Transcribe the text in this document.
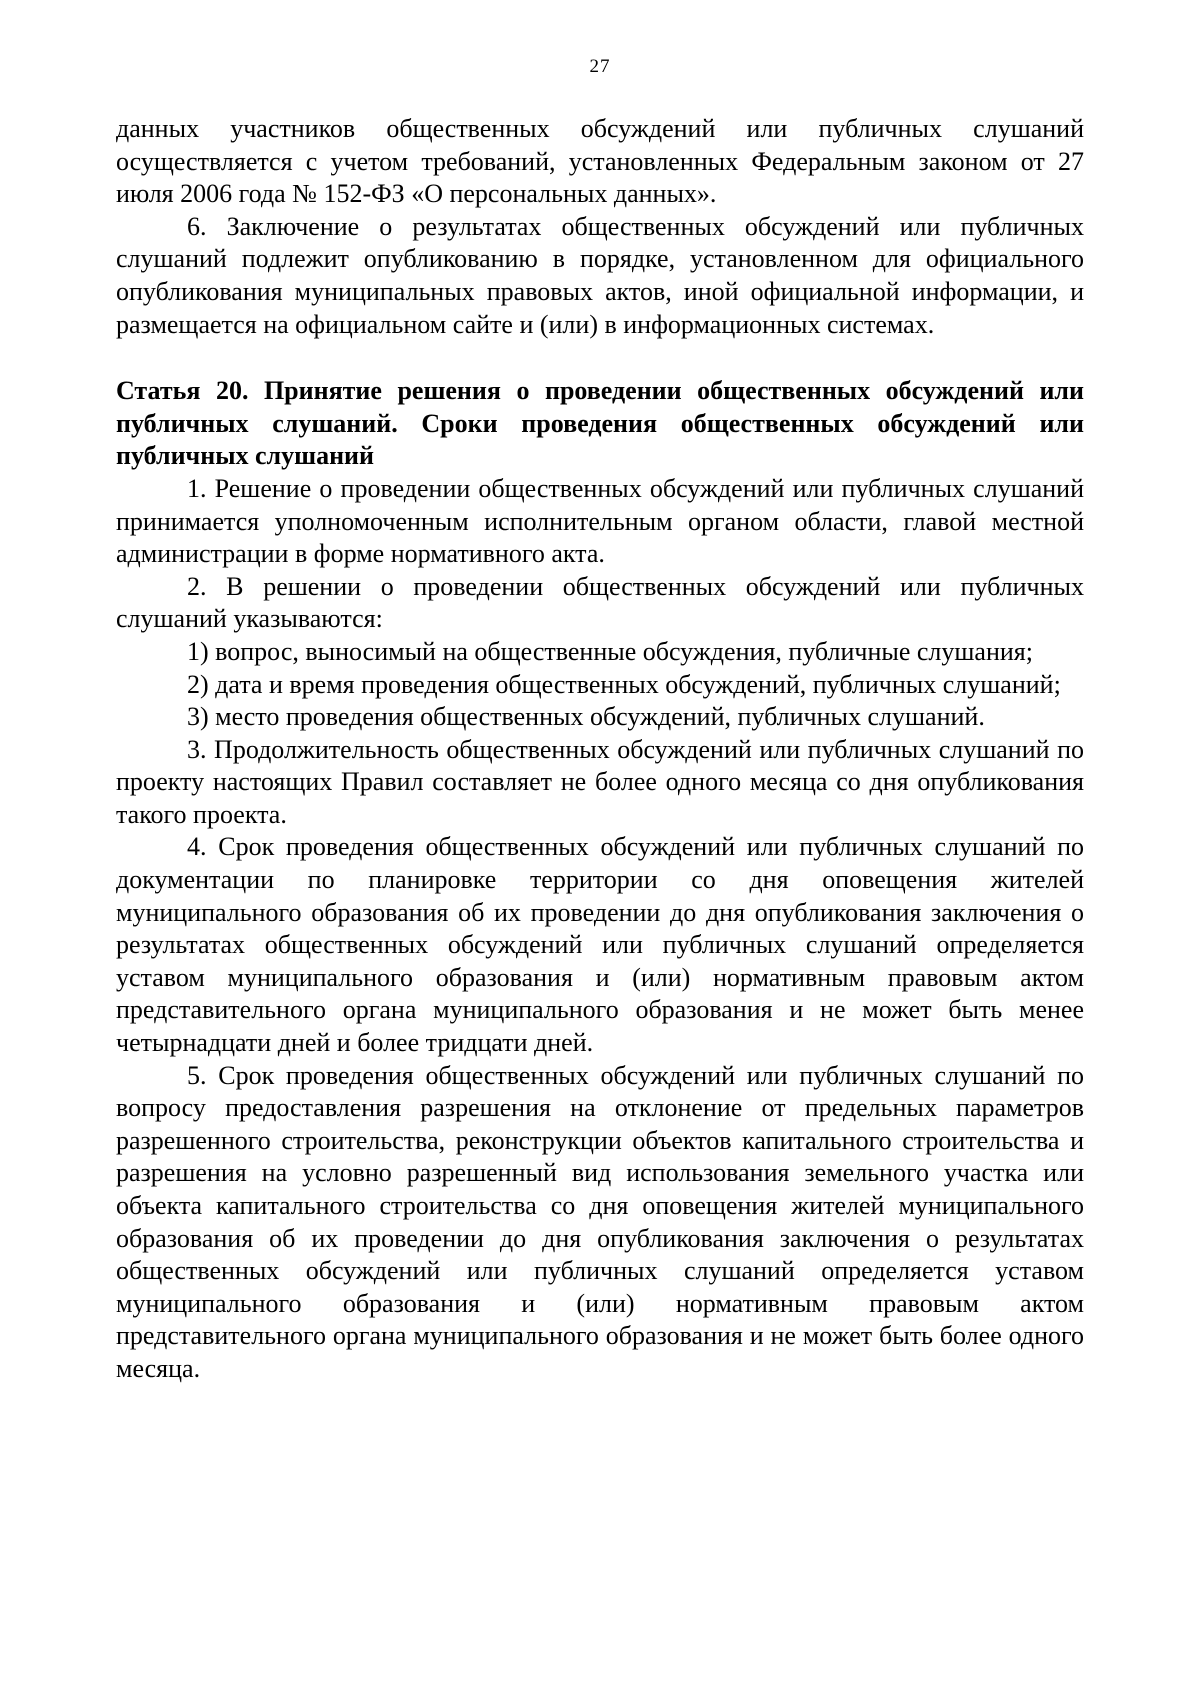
27

данных участников общественных обсуждений или публичных слушаний осуществляется с учетом требований, установленных Федеральным законом от 27 июля 2006 года № 152-ФЗ «О персональных данных».

6. Заключение о результатах общественных обсуждений или публичных слушаний подлежит опубликованию в порядке, установленном для официального опубликования муниципальных правовых актов, иной официальной информации, и размещается на официальном сайте и (или) в информационных системах.

Статья 20. Принятие решения о проведении общественных обсуждений или публичных слушаний. Сроки проведения общественных обсуждений или публичных слушаний

1. Решение о проведении общественных обсуждений или публичных слушаний принимается уполномоченным исполнительным органом области, главой местной администрации в форме нормативного акта.

2. В решении о проведении общественных обсуждений или публичных слушаний указываются:

1) вопрос, выносимый на общественные обсуждения, публичные слушания;

2) дата и время проведения общественных обсуждений, публичных слушаний;

3) место проведения общественных обсуждений, публичных слушаний.

3. Продолжительность общественных обсуждений или публичных слушаний по проекту настоящих Правил составляет не более одного месяца со дня опубликования такого проекта.

4. Срок проведения общественных обсуждений или публичных слушаний по документации по планировке территории со дня оповещения жителей муниципального образования об их проведении до дня опубликования заключения о результатах общественных обсуждений или публичных слушаний определяется уставом муниципального образования и (или) нормативным правовым актом представительного органа муниципального образования и не может быть менее четырнадцати дней и более тридцати дней.

5. Срок проведения общественных обсуждений или публичных слушаний по вопросу предоставления разрешения на отклонение от предельных параметров разрешенного строительства, реконструкции объектов капитального строительства и разрешения на условно разрешенный вид использования земельного участка или объекта капитального строительства со дня оповещения жителей муниципального образования об их проведении до дня опубликования заключения о результатах общественных обсуждений или публичных слушаний определяется уставом муниципального образования и (или) нормативным правовым актом представительного органа муниципального образования и не может быть более одного месяца.
